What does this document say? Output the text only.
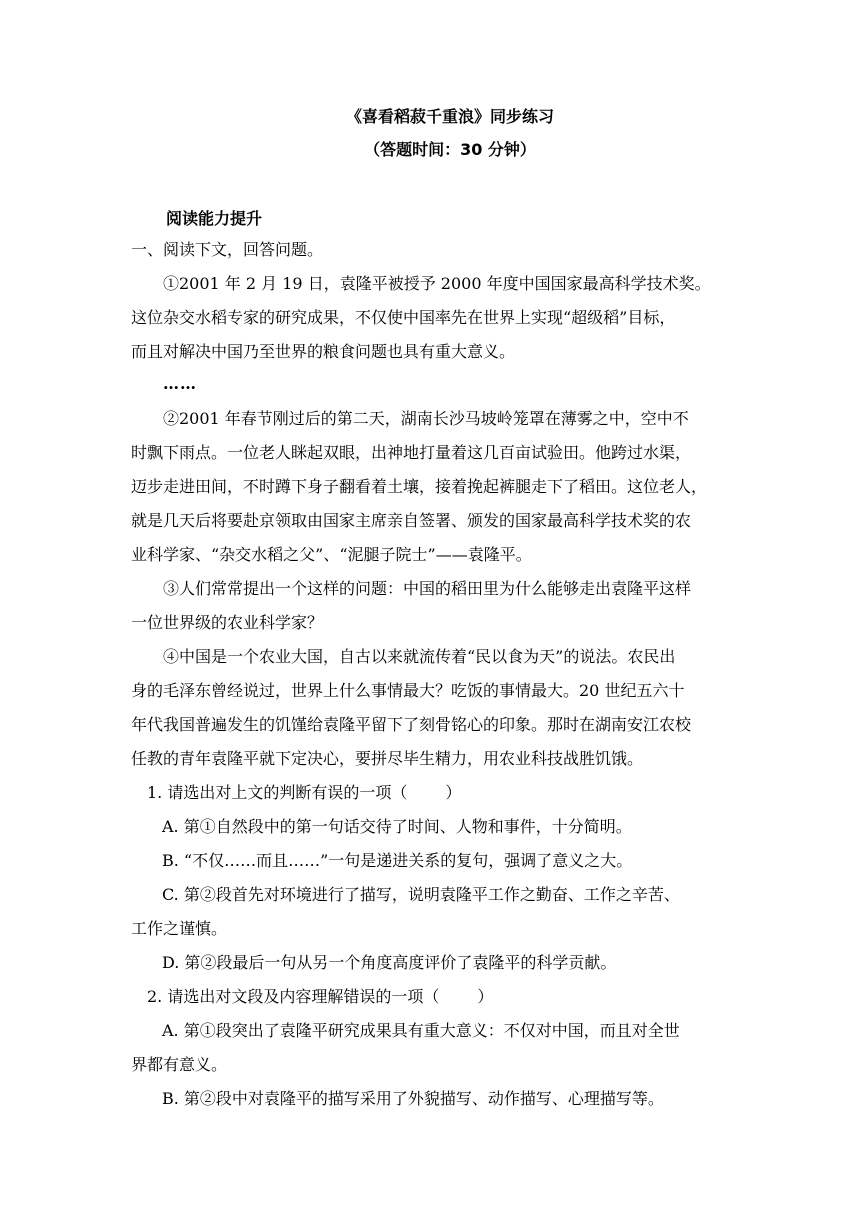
《喜看稻菽千重浪》同步练习
（答题时间：30 分钟）
阅读能力提升
一、阅读下文，回答问题。
①2001 年 2 月 19 日，袁隆平被授予 2000 年度中国国家最高科学技术奖。
这位杂交水稻专家的研究成果，不仅使中国率先在世界上实现“超级稻”目标，
而且对解决中国乃至世界的粮食问题也具有重大意义。
……
②2001 年春节刚过后的第二天，湖南长沙马坡岭笼罩在薄雾之中，空中不
时飘下雨点。一位老人眯起双眼，出神地打量着这几百亩试验田。他跨过水渠，
迈步走进田间，不时蹲下身子翻看着土壤，接着挽起裤腿走下了稻田。这位老人，
就是几天后将要赴京领取由国家主席亲自签署、颁发的国家最高科学技术奖的农
业科学家、“杂交水稻之父”、“泥腿子院士”——袁隆平。
③人们常常提出一个这样的问题：中国的稻田里为什么能够走出袁隆平这样
一位世界级的农业科学家？
④中国是一个农业大国，自古以来就流传着“民以食为天”的说法。农民出
身的毛泽东曾经说过，世界上什么事情最大？吃饭的事情最大。20 世纪五六十
年代我国普遍发生的饥馑给袁隆平留下了刻骨铭心的印象。那时在湖南安江农校
任教的青年袁隆平就下定决心，要拼尽毕生精力，用农业科技战胜饥饿。
1. 请选出对上文的判断有误的一项（ ）
A. 第①自然段中的第一句话交待了时间、人物和事件，十分简明。
B. “不仅……而且……”一句是递进关系的复句，强调了意义之大。
C. 第②段首先对环境进行了描写，说明袁隆平工作之勤奋、工作之辛苦、
工作之谨慎。
D. 第②段最后一句从另一个角度高度评价了袁隆平的科学贡献。
2. 请选出对文段及内容理解错误的一项（ ）
A. 第①段突出了袁隆平研究成果具有重大意义：不仅对中国，而且对全世
界都有意义。
B. 第②段中对袁隆平的描写采用了外貌描写、动作描写、心理描写等。
